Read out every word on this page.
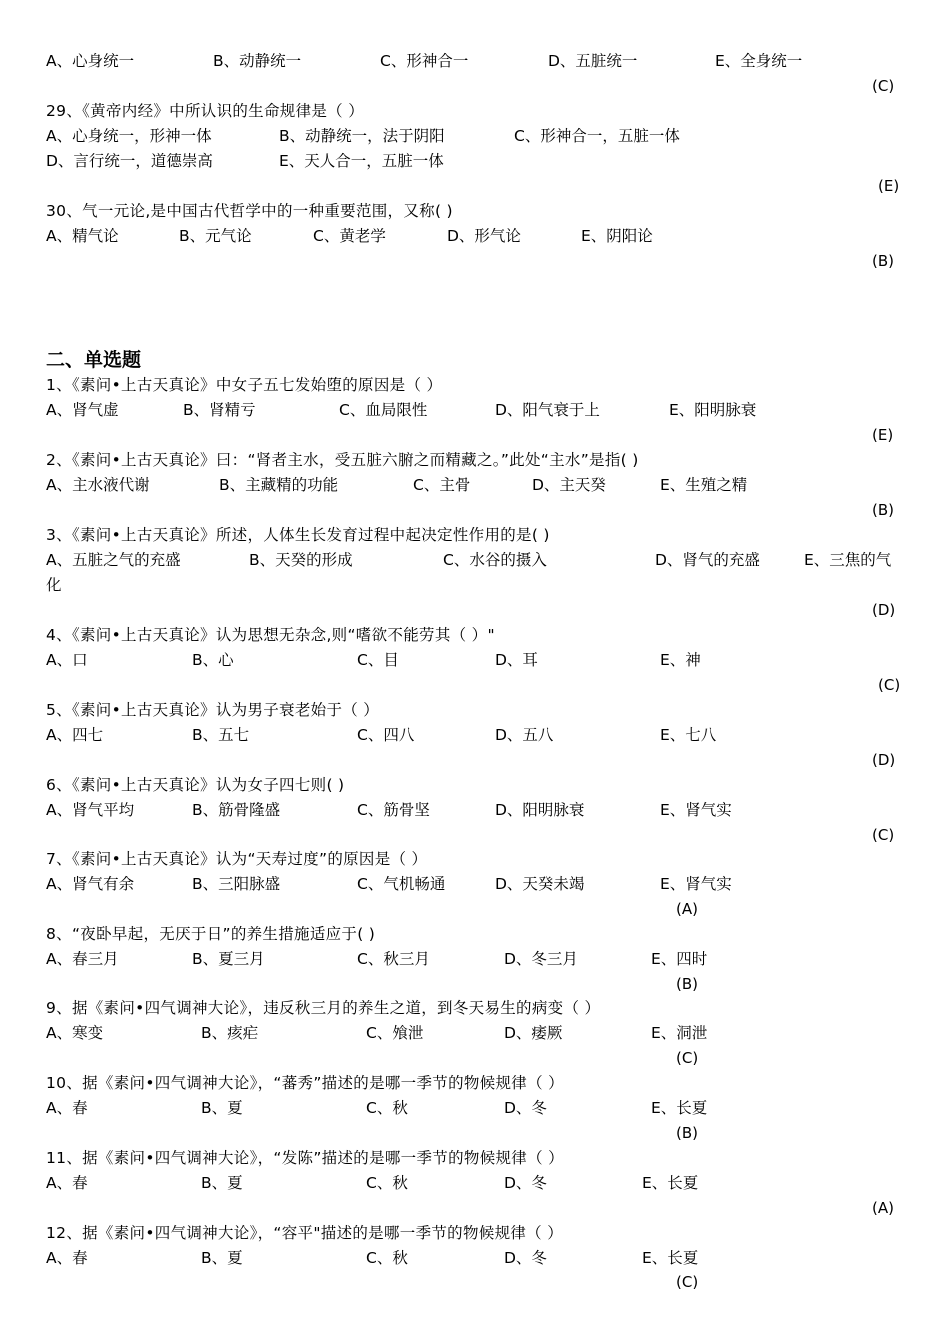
A、心身统一	B、动静统一	C、形神合一	D、五脏统一	E、全身统一
(C)
29、《黄帝内经》中所认识的生命规律是（ ）
A、心身统一，形神一体	B、动静统一，法于阴阳	C、形神合一，五脏一体
D、言行统一，道德崇高	E、天人合一，五脏一体
(E)
30、气一元论,是中国古代哲学中的一种重要范围，又称( )
A、精气论	B、元气论	C、黄老学	D、形气论	E、阴阳论
(B)
二、单选题
1、《素问•上古天真论》中女子五七发始堕的原因是（ ）
A、肾气虚	B、肾精亏	C、血局限性	D、阳气衰于上	E、阳明脉衰
(E)
2、《素问•上古天真论》曰：“肾者主水，受五脏六腑之而精藏之。”此处“主水”是指( )
A、主水液代谢	B、主藏精的功能	C、主骨	D、主天癸	E、生殖之精
(B)
3、《素问•上古天真论》所述，人体生长发育过程中起决定性作用的是( )
A、五脏之气的充盛	B、天癸的形成	C、水谷的摄入	D、肾气的充盛	E、三焦的气
化
(D)
4、《素问•上古天真论》认为思想无杂念,则“嗜欲不能劳其（ ）"
A、口	B、心	C、目	D、耳	E、神
(C)
5、《素问•上古天真论》认为男子衰老始于（ ）
A、四七	B、五七	C、四八	D、五八	E、七八
(D)
6、《素问•上古天真论》认为女子四七则( )
A、肾气平均	B、筋骨隆盛	C、筋骨坚	D、阳明脉衰	E、肾气实
(C)
7、《素问•上古天真论》认为“天寿过度”的原因是（ ）
A、肾气有余	B、三阳脉盛	C、气机畅通	D、天癸未竭	E、肾气实
(A)
8、“夜卧早起，无厌于日”的养生措施适应于( )
A、春三月	B、夏三月	C、秋三月	D、冬三月	E、四时
(B)
9、据《素问•四气调神大论》，违反秋三月的养生之道，到冬天易生的病变（ ）
A、寒变	B、痎疟	C、飧泄	D、痿厥	E、洞泄
(C)
10、据《素问•四气调神大论》，“蕃秀”描述的是哪一季节的物候规律（ ）
A、春	B、夏	C、秋	D、冬	E、长夏
(B)
11、据《素问•四气调神大论》，“发陈”描述的是哪一季节的物候规律（ ）
A、春	B、夏	C、秋	D、冬	E、长夏
(A)
12、据《素问•四气调神大论》，“容平"描述的是哪一季节的物候规律（ ）
A、春	B、夏	C、秋	D、冬	E、长夏
(C)
